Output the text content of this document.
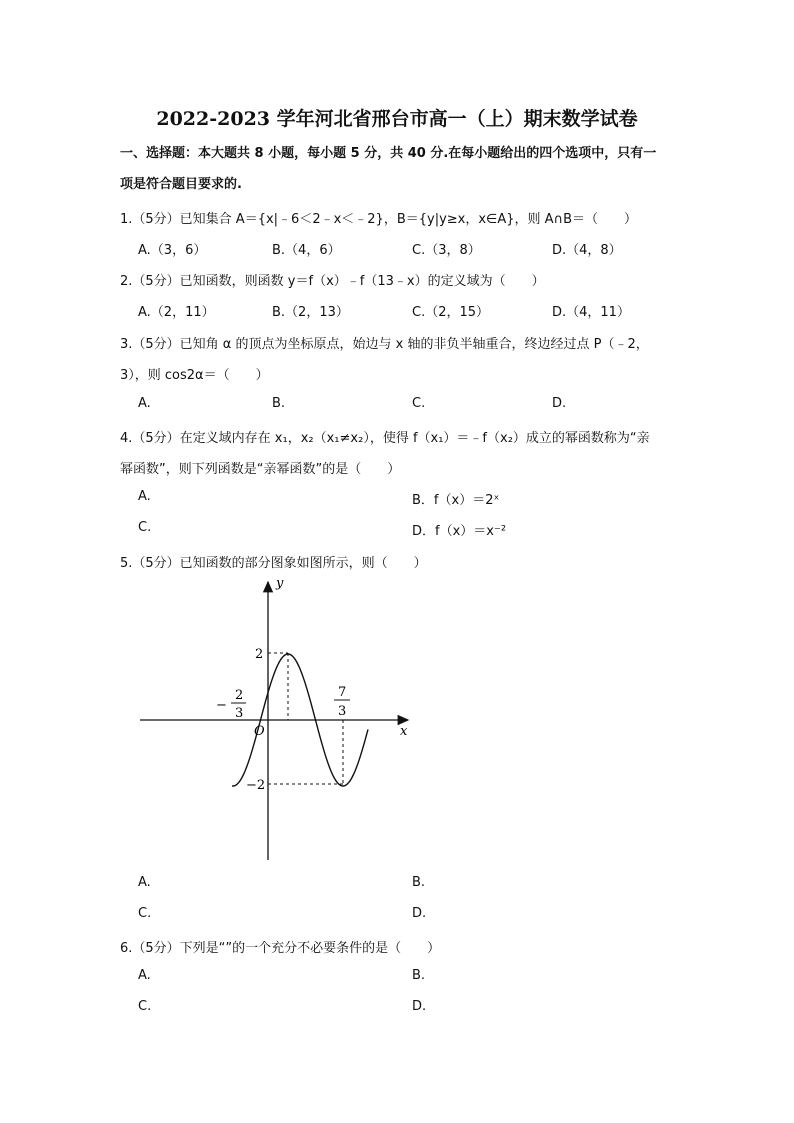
2022-2023 学年河北省邢台市高一（上）期末数学试卷
一、选择题：本大题共 8 小题，每小题 5 分，共 40 分.在每小题给出的四个选项中，只有一
项是符合题目要求的.
1.（5分）已知集合 A＝{x|﹣6＜2﹣x＜﹣2}，B＝{y|y≥x，x∈A}，则 A∩B＝（　　）
A.（3，6）	B.（4，6）	C.（3，8）	D.（4，8）
2.（5分）已知函数，则函数 y＝f（x）﹣f（13﹣x）的定义域为（　　）
A.（2，11）	B.（2，13）	C.（2，15）	D.（4，11）
3.（5分）已知角 α 的顶点为坐标原点，始边与 x 轴的非负半轴重合，终边经过点 P（﹣2，
3），则 cos2α＝（　　）
A.	B.	C.	D.
4.（5分）在定义域内存在 x₁，x₂（x₁≠x₂），使得 f（x₁）＝﹣f（x₂）成立的幂函数称为“亲
幂函数”，则下列函数是“亲幂函数”的是（　　）
A.	B．f（x）＝2ˣ
C.	D．f（x）＝x⁻²
5.（5分）已知函数的部分图象如图所示，则（　　）
y
x
O
2
−2
−
2
3
7
3
A.	B.
C.	D.
6.（5分）下列是“”的一个充分不必要条件的是（　　）
A.	B.
C.	D.
